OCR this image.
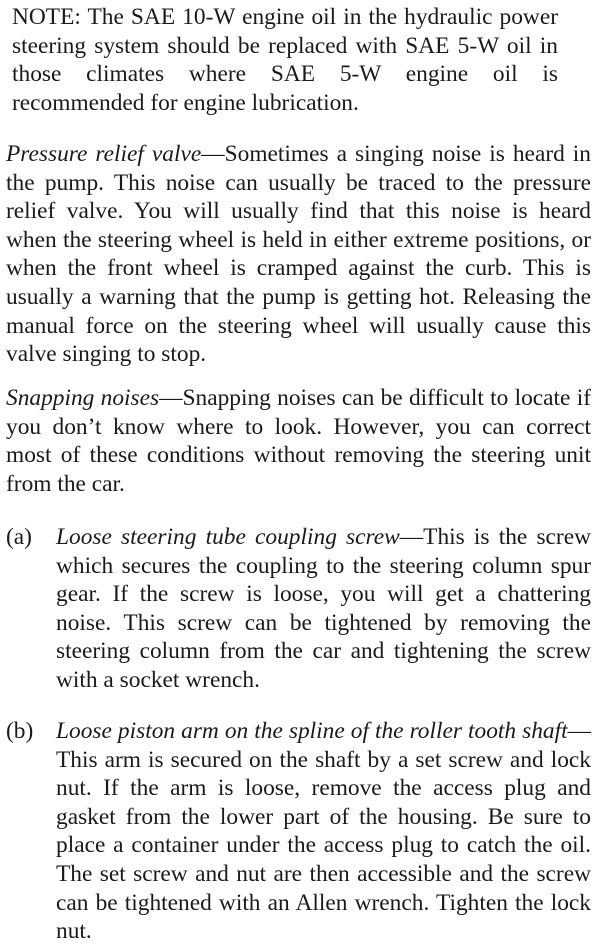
NOTE: The SAE 10-W engine oil in the hydraulic power steering system should be replaced with SAE 5-W oil in those climates where SAE 5-W engine oil is recommended for engine lubrication.
Pressure relief valve—Sometimes a singing noise is heard in the pump. This noise can usually be traced to the pressure relief valve. You will usually find that this noise is heard when the steering wheel is held in either extreme positions, or when the front wheel is cramped against the curb. This is usually a warning that the pump is getting hot. Releasing the manual force on the steering wheel will usually cause this valve singing to stop.
Snapping noises—Snapping noises can be difficult to locate if you don’t know where to look. However, you can correct most of these conditions without removing the steering unit from the car.
(a) Loose steering tube coupling screw—This is the screw which secures the coupling to the steering column spur gear. If the screw is loose, you will get a chattering noise. This screw can be tightened by removing the steering column from the car and tightening the screw with a socket wrench.
(b) Loose piston arm on the spline of the roller tooth shaft—This arm is secured on the shaft by a set screw and lock nut. If the arm is loose, remove the access plug and gasket from the lower part of the housing. Be sure to place a container under the access plug to catch the oil. The set screw and nut are then accessible and the screw can be tightened with an Allen wrench. Tighten the lock nut.
